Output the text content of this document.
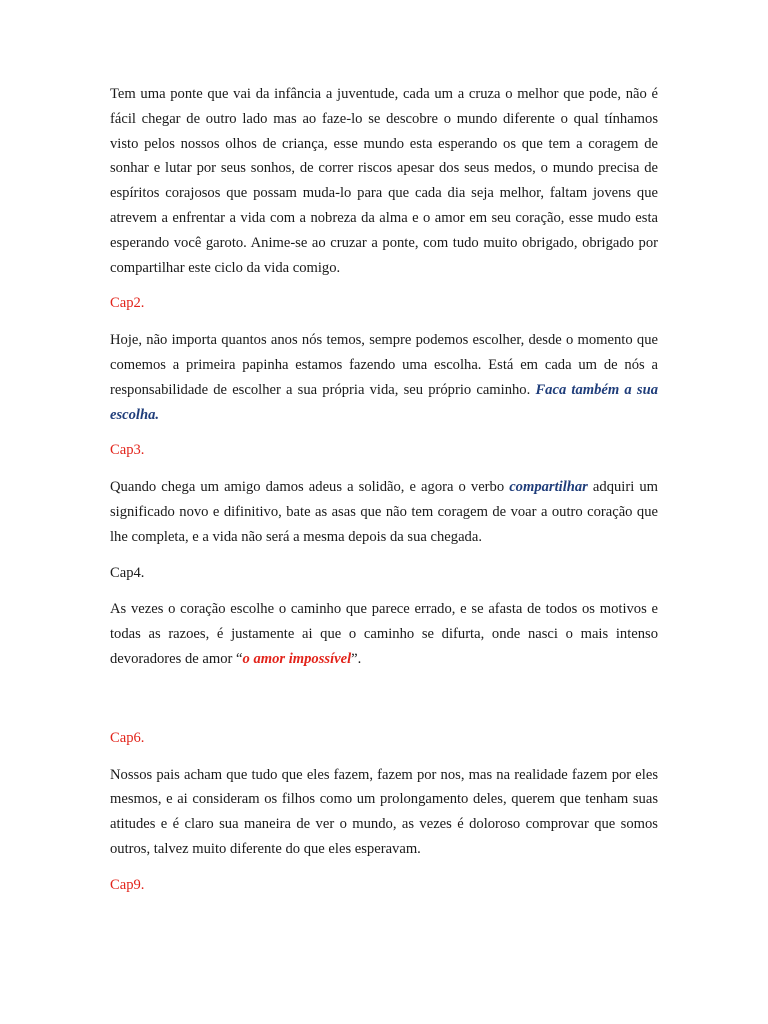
Tem uma ponte que vai da infância a juventude, cada um a cruza o melhor que pode, não é fácil chegar de outro lado mas ao faze-lo se descobre o mundo diferente o qual tínhamos visto pelos nossos olhos de criança, esse mundo esta esperando os que tem a coragem de sonhar e lutar por seus sonhos, de correr riscos apesar dos seus medos, o mundo precisa de espíritos corajosos que possam muda-lo para que cada dia seja melhor, faltam jovens que atrevem a enfrentar a vida com a nobreza da alma e o amor em seu coração, esse mudo esta esperando você garoto. Anime-se ao cruzar a ponte, com tudo muito obrigado, obrigado por compartilhar este ciclo da vida comigo.

Cap2.

Hoje, não importa quantos anos nós temos, sempre podemos escolher, desde o momento que comemos a primeira papinha estamos fazendo uma escolha. Está em cada um de nós a responsabilidade de escolher a sua própria vida, seu próprio caminho. Faca também a sua escolha.

Cap3.

Quando chega um amigo damos adeus a solidão, e agora o verbo compartilhar adquiri um significado novo e difinitivo, bate as asas que não tem coragem de voar a outro coração que lhe completa, e a vida não será a mesma depois da sua chegada.

Cap4.

As vezes o coração escolhe o caminho que parece errado, e se afasta de todos os motivos e todas as razoes, é justamente ai que o caminho se difurta, onde nasci o mais intenso devoradores de amor “o amor impossível”.

Cap6.

Nossos pais acham que tudo que eles fazem, fazem por nos, mas na realidade fazem por eles mesmos, e ai consideram os filhos como um prolongamento deles, querem que tenham suas atitudes e é claro sua maneira de ver o mundo, as vezes é doloroso comprovar que somos outros, talvez muito diferente do que eles esperavam.

Cap9.
